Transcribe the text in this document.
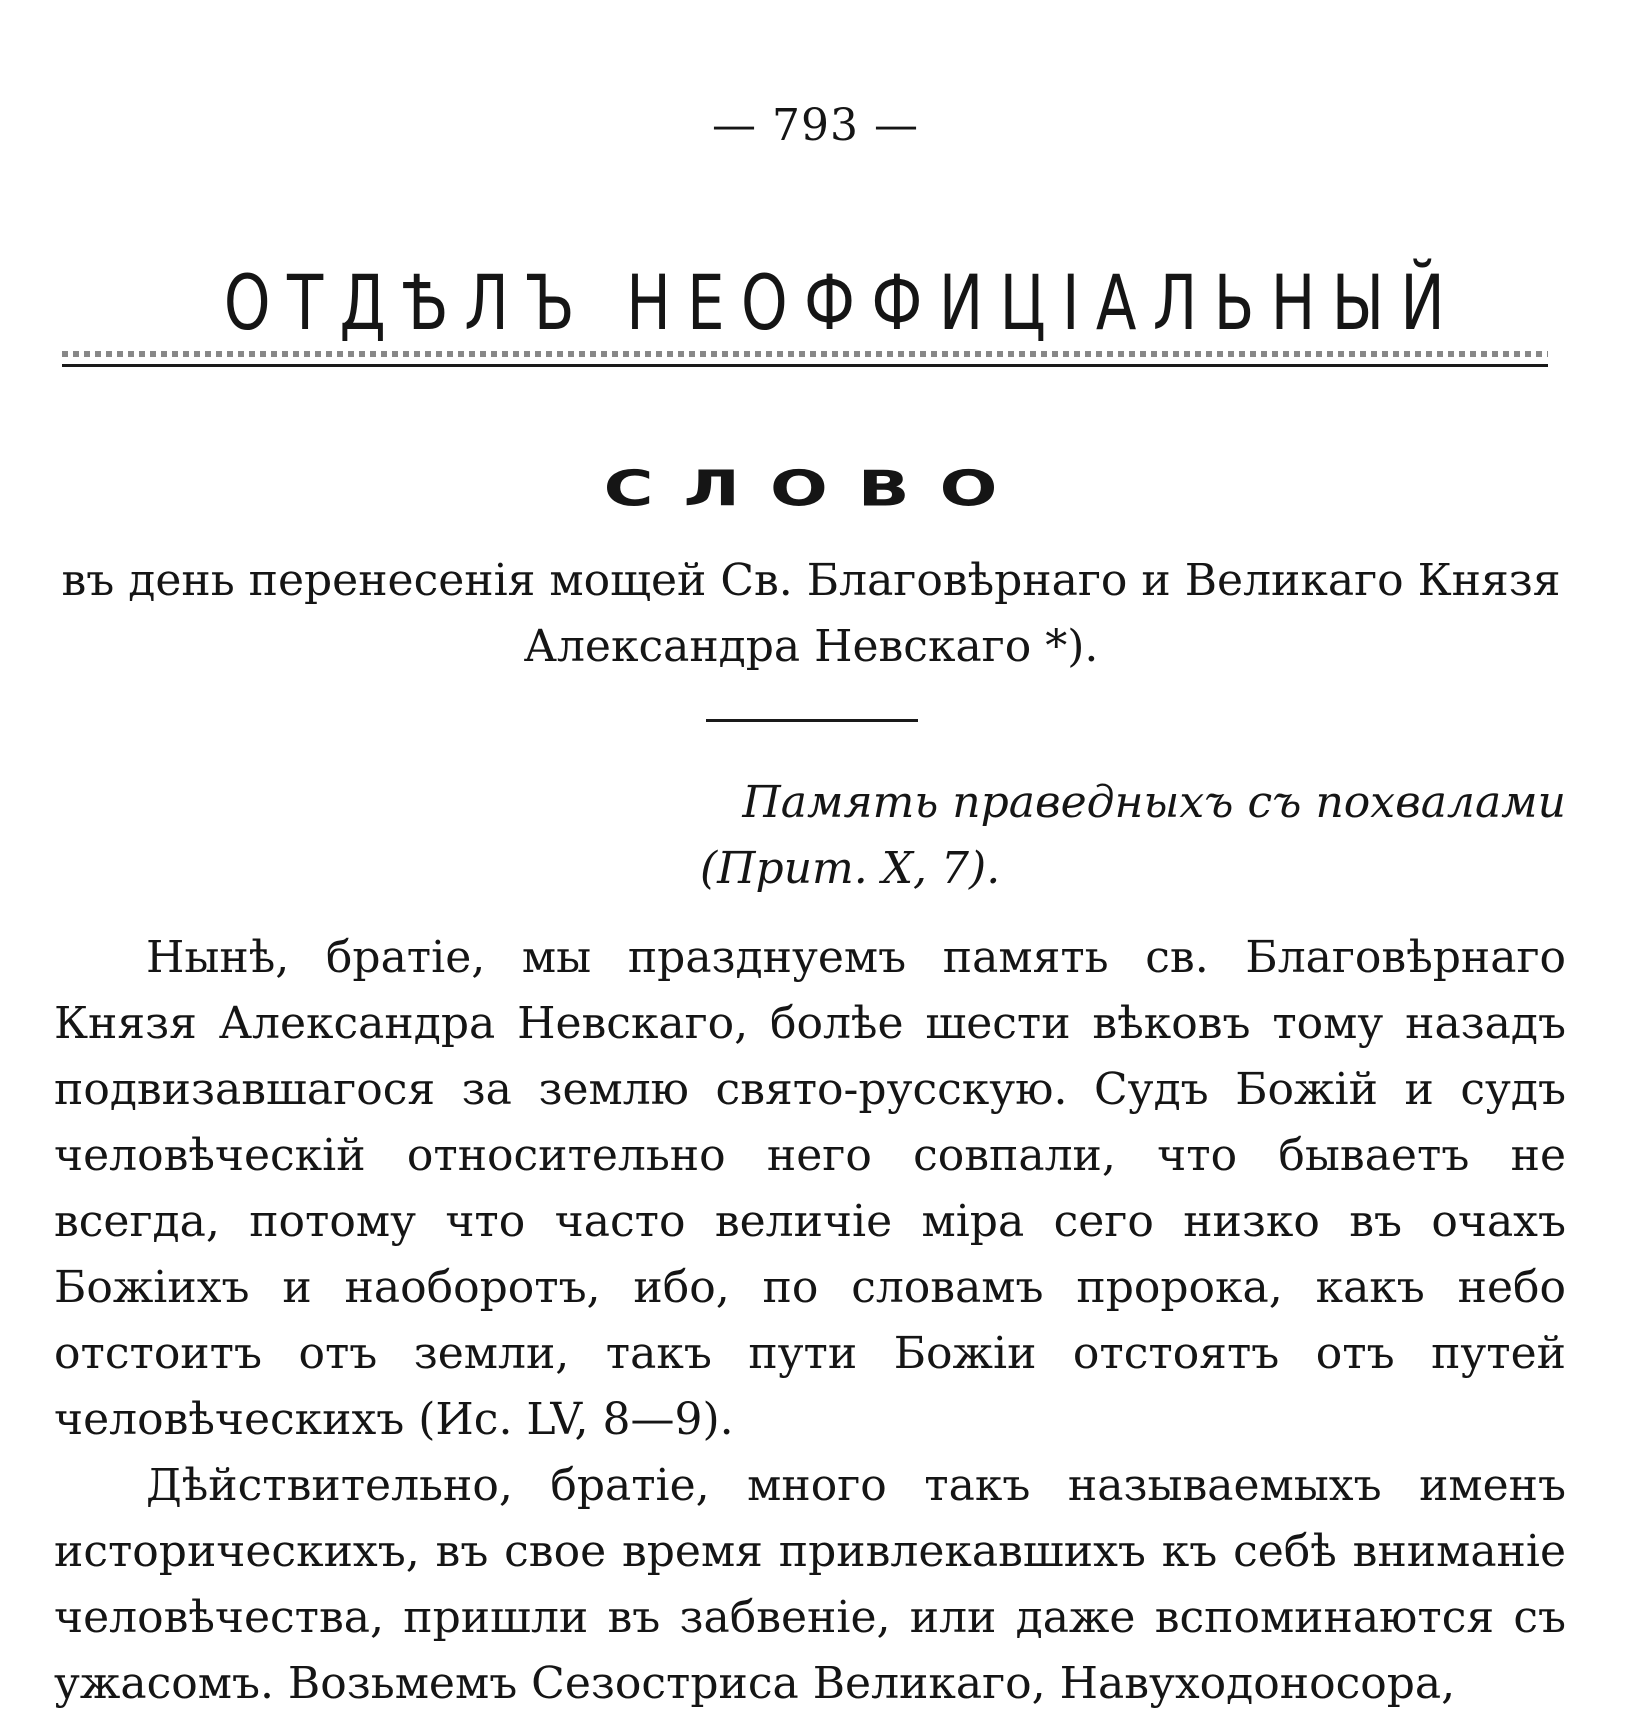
— 793 —
ОТДѢЛЪ НЕОФФИЦІАЛЬНЫЙ
СЛОВО
въ день перенесенія мощей Св. Благовѣрнаго и Великаго Князя Александра Невскаго *).
Память праведныхъ съ похвалами
(Прит. X, 7).

Нынѣ, братіе, мы празднуемъ память св. Благовѣрнаго Князя Александра Невскаго, болѣе шести вѣковъ тому назадъ подвизавшагося за землю свято-русскую. Судъ Божій и судъ человѣческій относительно него совпали, что бываетъ не всегда, потому что часто величіе міра сего низко въ очахъ Божіихъ и наоборотъ, ибо, по словамъ пророка, какъ небо отстоитъ отъ земли, такъ пути Божіи отстоятъ отъ путей человѣческихъ (Ис. LV, 8—9).

Дѣйствительно, братіе, много такъ называемыхъ именъ историческихъ, въ свое время привлекавшихъ къ себѣ вниманіе человѣчества, пришли въ забвеніе, или даже вспоминаются съ ужасомъ. Возьмемъ Сезостриса Великаго, Навуходоносора,
